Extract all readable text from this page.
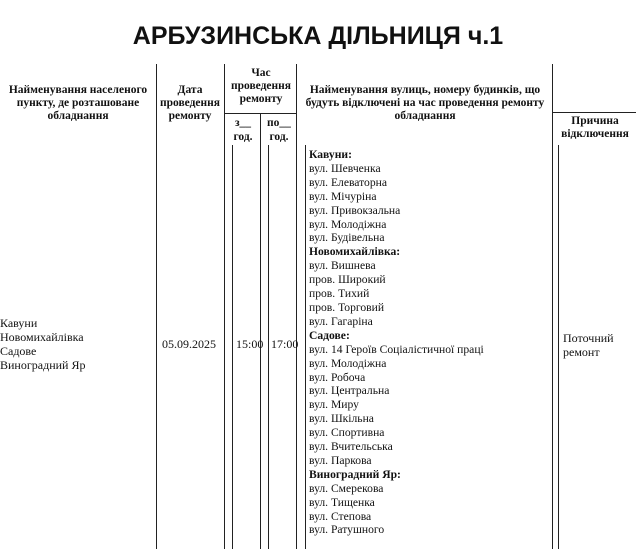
АРБУЗИНСЬКА ДІЛЬНИЦЯ ч.1
Найменування населеного пункту, де розташоване обладнання
Дата проведення ремонту
Час проведення ремонту
з__ год.
по__ год.
Найменування вулиць, номеру будинків, що будуть відключені на час проведення ремонту обладнання	Причина відключення
Кавуни
Новомихайлівка
Садове
Виноградний Яр
05.09.2025 15:00 17:00	Поточний ремонт
Кавуни:
вул. Шевченка
вул. Елеваторна
вул. Мічуріна
вул. Привокзальна
вул. Молодіжна
вул. Будівельна
Новомихайлівка:
вул. Вишнева
пров. Широкий
пров. Тихий
пров. Торговий
вул. Гагаріна
Садове:
вул. 14 Героїв Соціалістичної праці
вул. Молодіжна
вул. Робоча
вул. Центральна
вул. Миру
вул. Шкільна
вул. Спортивна
вул. Вчительська
вул. Паркова
Виноградний Яр:
вул. Смерекова
вул. Тищенка
вул. Степова
вул. Ратушного
